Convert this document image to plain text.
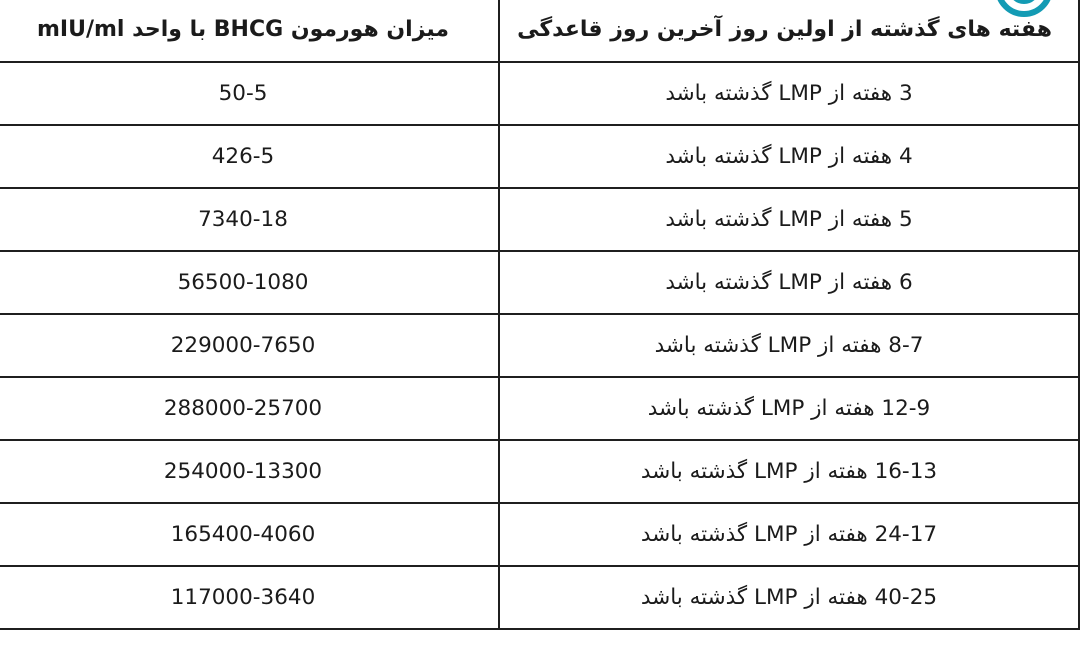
هفته های گذشته از اولین روز آخرین روز قاعدگی	میزان هورمون BHCG با واحد mIU/ml
3 هفته از LMP گذشته باشد	50-5
4 هفته از LMP گذشته باشد	426-5
5 هفته از LMP گذشته باشد	7340-18
6 هفته از LMP گذشته باشد	56500-1080
8-7 هفته از LMP گذشته باشد	229000-7650
12-9 هفته از LMP گذشته باشد	288000-25700
16-13 هفته از LMP گذشته باشد	254000-13300
24-17 هفته از LMP گذشته باشد	165400-4060
40-25 هفته از LMP گذشته باشد	117000-3640
